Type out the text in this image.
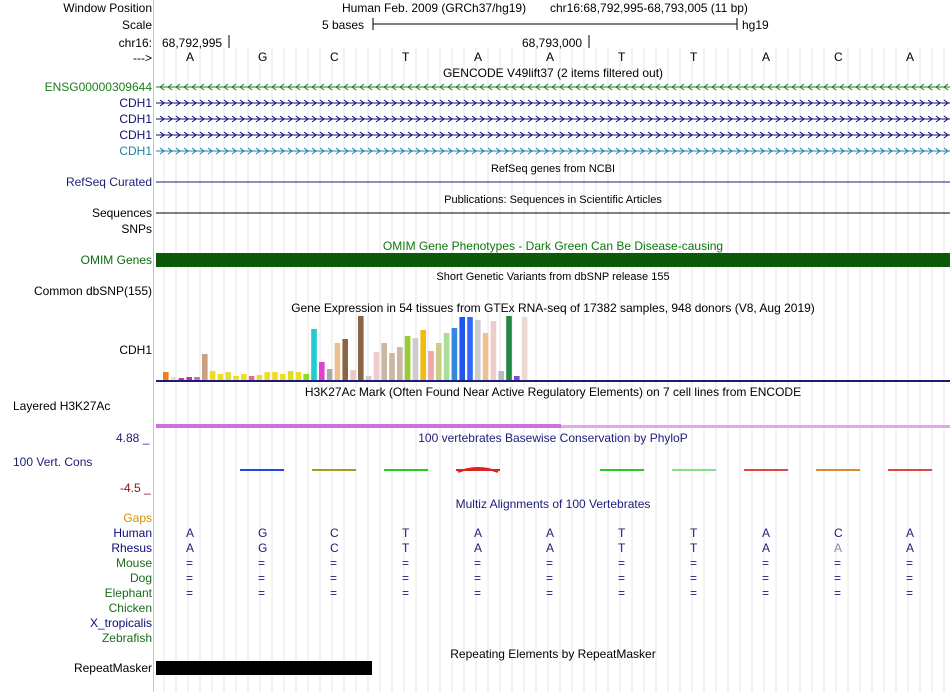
Window Position
Scale
chr16:
--->
Human Feb. 2009 (GRCh37/hg19) chr16:68,792,995-68,793,005 (11 bp)
5 bases	hg19
68,792,995	68,793,000
A	G	C	T	A	A	T	T	A	C	A
GENCODE V49lift37 (2 items filtered out)
ENSG00000309644
CDH1
CDH1
CDH1
CDH1
RefSeq genes from NCBI
RefSeq Curated
Publications: Sequences in Scientific Articles
Sequences
SNPs
OMIM Gene Phenotypes - Dark Green Can Be Disease-causing
OMIM Genes
Short Genetic Variants from dbSNP release 155
Common dbSNP(155)
Gene Expression in 54 tissues from GTEx RNA-seq of 17382 samples, 948 donors (V8, Aug 2019)
CDH1
H3K27Ac Mark (Often Found Near Active Regulatory Elements) on 7 cell lines from ENCODE
Layered H3K27Ac
100 vertebrates Basewise Conservation by PhyloP
4.88 _
100 Vert. Cons
-4.5 _
Multiz Alignments of 100 Vertebrates
Gaps
Human	A	G	C	T	A	A	T	T	A	C	A
Rhesus	A	G	C	T	A	A	T	T	A	A	A
Mouse	=	=	=	=	=	=	=	=	=	=	=
Dog	=	=	=	=	=	=	=	=	=	=	=
Elephant	=	=	=	=	=	=	=	=	=	=	=
Chicken
X_tropicalis
Zebrafish
Repeating Elements by RepeatMasker
RepeatMasker
